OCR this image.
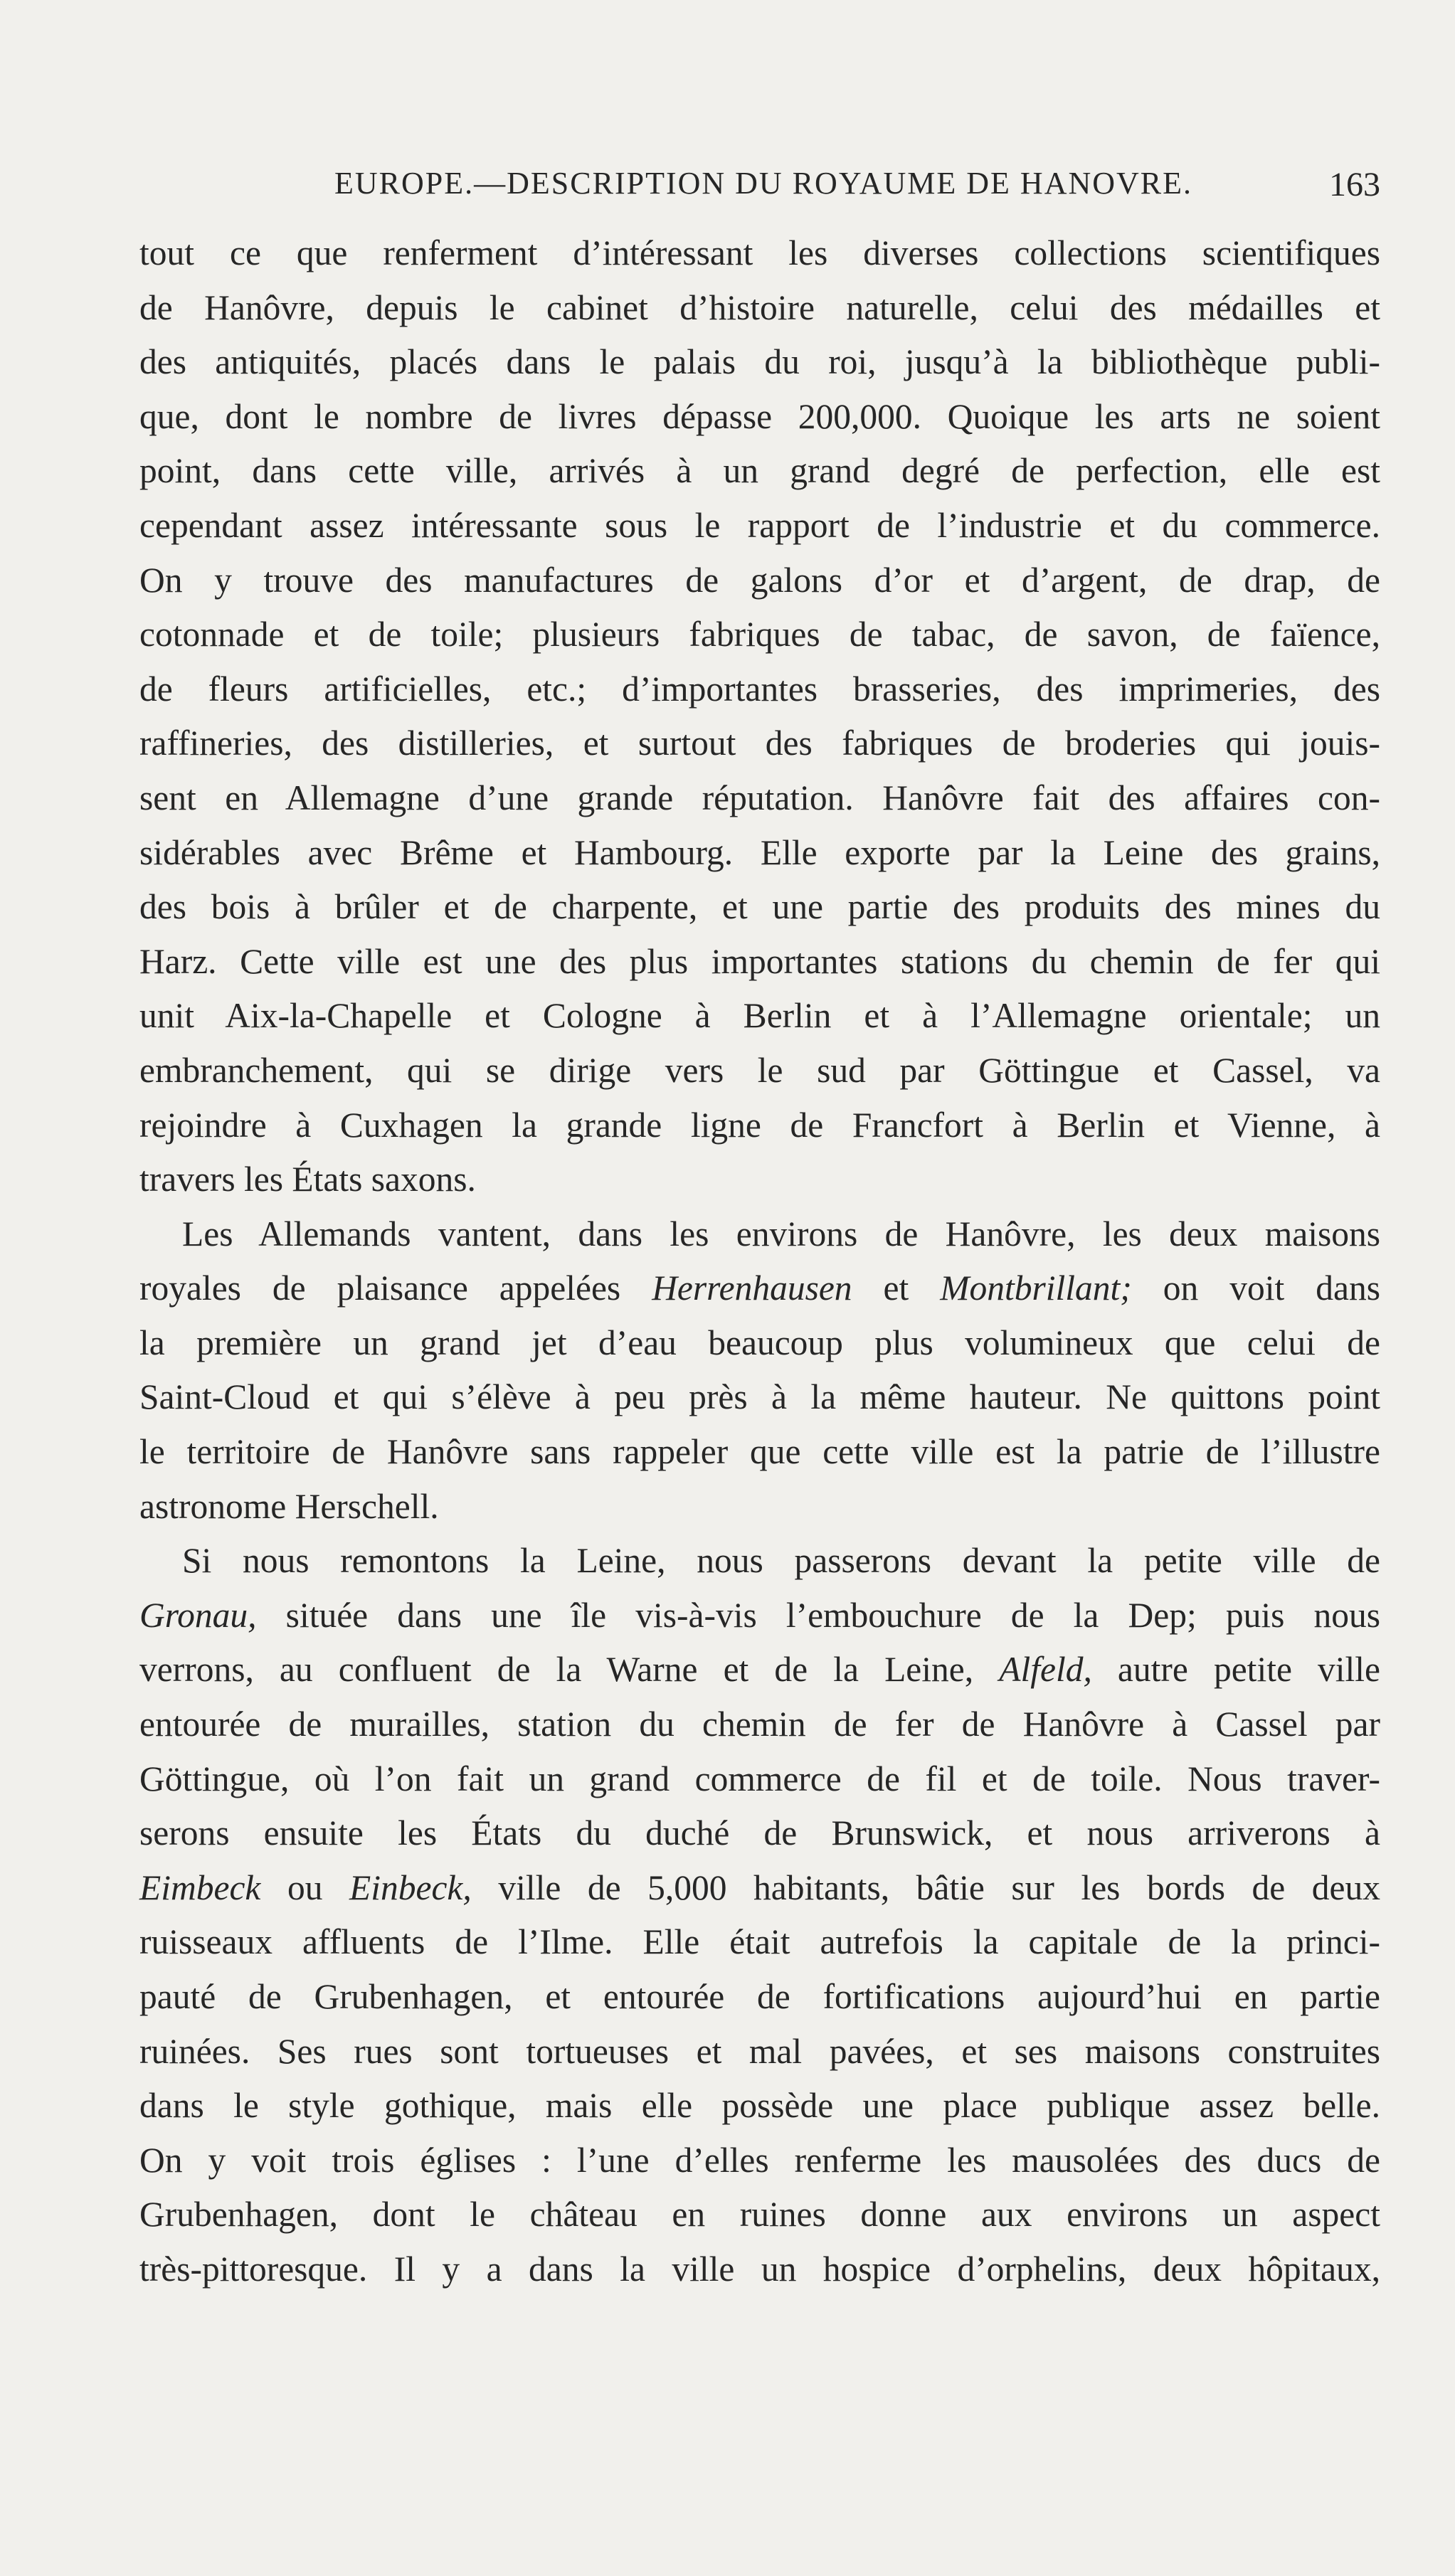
EUROPE.—DESCRIPTION DU ROYAUME DE HANOVRE.	163
tout ce que renferment d’intéressant les diverses collections scientifiques
de Hanôvre, depuis le cabinet d’histoire naturelle, celui des médailles et
des antiquités, placés dans le palais du roi, jusqu’à la bibliothèque publi-
que, dont le nombre de livres dépasse 200,000. Quoique les arts ne soient
point, dans cette ville, arrivés à un grand degré de perfection, elle est
cependant assez intéressante sous le rapport de l’industrie et du commerce.
On y trouve des manufactures de galons d’or et d’argent, de drap, de
cotonnade et de toile; plusieurs fabriques de tabac, de savon, de faïence,
de fleurs artificielles, etc.; d’importantes brasseries, des imprimeries, des
raffineries, des distilleries, et surtout des fabriques de broderies qui jouis-
sent en Allemagne d’une grande réputation. Hanôvre fait des affaires con-
sidérables avec Brême et Hambourg. Elle exporte par la Leine des grains,
des bois à brûler et de charpente, et une partie des produits des mines du
Harz. Cette ville est une des plus importantes stations du chemin de fer qui
unit Aix-la-Chapelle et Cologne à Berlin et à l’Allemagne orientale; un
embranchement, qui se dirige vers le sud par Göttingue et Cassel, va
rejoindre à Cuxhagen la grande ligne de Francfort à Berlin et Vienne, à
travers les États saxons.
Les Allemands vantent, dans les environs de Hanôvre, les deux maisons
royales de plaisance appelées Herrenhausen et Montbrillant; on voit dans
la première un grand jet d’eau beaucoup plus volumineux que celui de
Saint-Cloud et qui s’élève à peu près à la même hauteur. Ne quittons point
le territoire de Hanôvre sans rappeler que cette ville est la patrie de l’illustre
astronome Herschell.
Si nous remontons la Leine, nous passerons devant la petite ville de
Gronau, située dans une île vis-à-vis l’embouchure de la Dep; puis nous
verrons, au confluent de la Warne et de la Leine, Alfeld, autre petite ville
entourée de murailles, station du chemin de fer de Hanôvre à Cassel par
Göttingue, où l’on fait un grand commerce de fil et de toile. Nous traver-
serons ensuite les États du duché de Brunswick, et nous arriverons à
Eimbeck ou Einbeck, ville de 5,000 habitants, bâtie sur les bords de deux
ruisseaux affluents de l’Ilme. Elle était autrefois la capitale de la princi-
pauté de Grubenhagen, et entourée de fortifications aujourd’hui en partie
ruinées. Ses rues sont tortueuses et mal pavées, et ses maisons construites
dans le style gothique, mais elle possède une place publique assez belle.
On y voit trois églises : l’une d’elles renferme les mausolées des ducs de
Grubenhagen, dont le château en ruines donne aux environs un aspect
très-pittoresque. Il y a dans la ville un hospice d’orphelins, deux hôpitaux,
